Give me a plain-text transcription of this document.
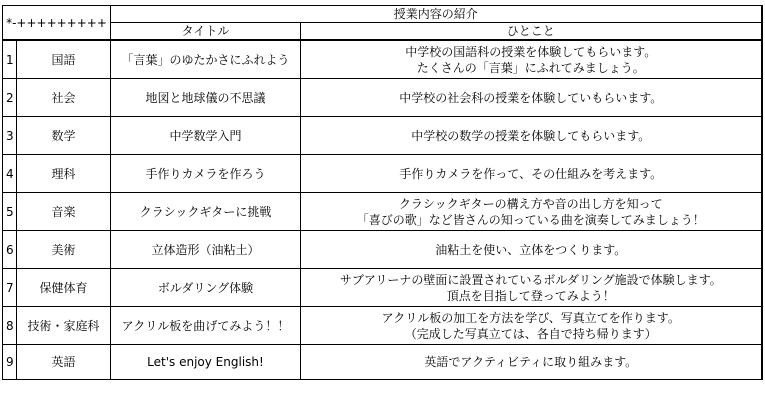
*-+++++++++		授業内容の紹介	
		タイトル	ひとこと
1	国語	「言葉」のゆたかさにふれよう	中学校の国語科の授業を体験してもらいます。
たくさんの「言葉」にふれてみましょう。

2	社会	地図と地球儀の不思議	中学校の社会科の授業を体験していもらいます。

3	数学	中学数学入門	中学校の数学の授業を体験してもらいます。

4	理科	手作りカメラを作ろう	手作りカメラを作って、その仕組みを考えます。

5	音楽	クラシックギターに挑戦	クラシックギターの構え方や音の出し方を知って
「喜びの歌」など皆さんの知っている曲を演奏してみましょう！

6	美術	立体造形（油粘土）	油粘土を使い、立体をつくります。

7	保健体育	ボルダリング体験	サブアリーナの壁面に設置されているボルダリング施設で体験します。
頂点を目指して登ってみよう！

8	技術・家庭科	アクリル板を曲げてみよう！！	アクリル板の加工を方法を学び、写真立てを作ります。
（完成した写真立ては、各自で持ち帰ります）

9	英語	Let's enjoy English!	英語でアクティビティに取り組みます。
